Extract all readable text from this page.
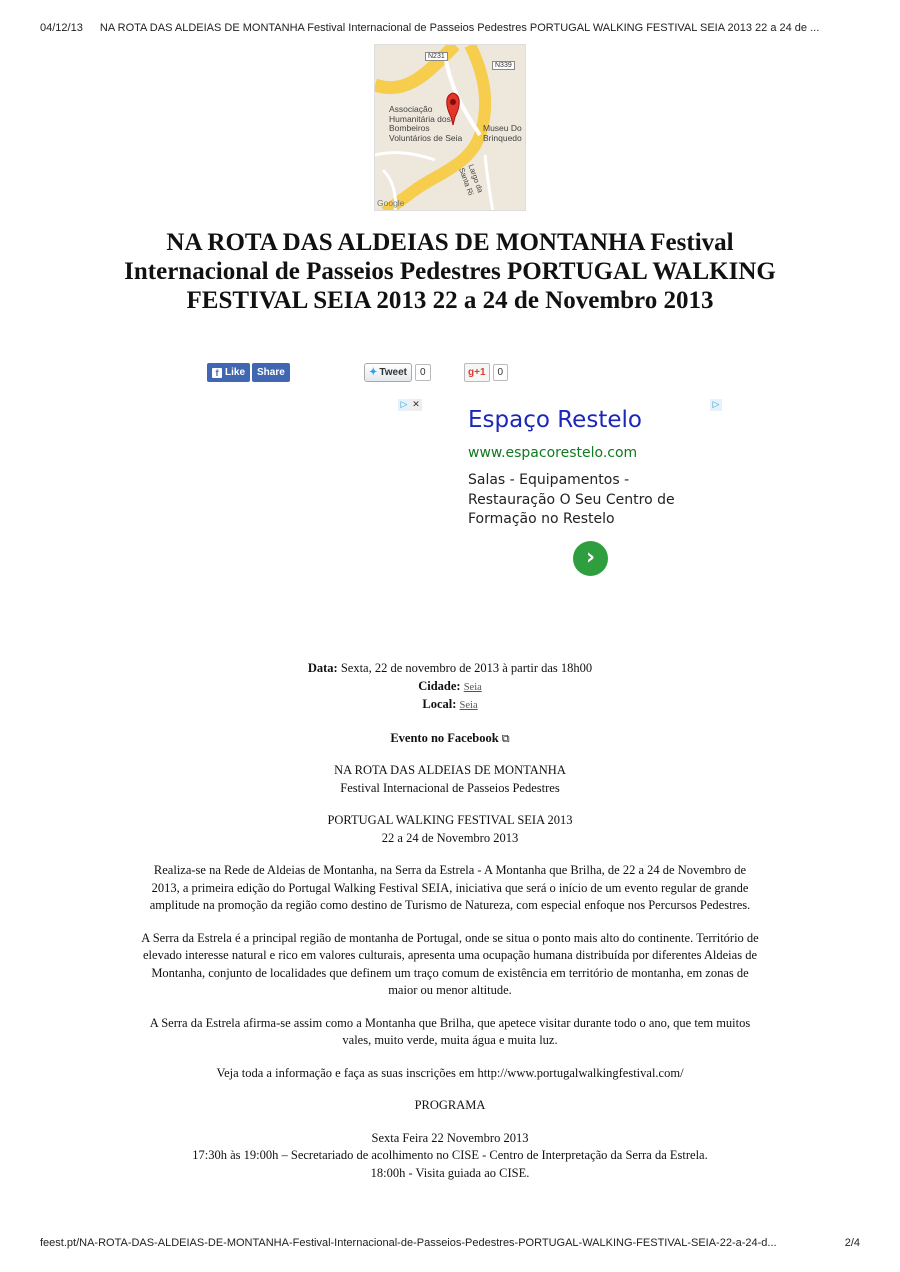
04/12/13 NA ROTA DAS ALDEIAS DE MONTANHA Festival Internacional de Passeios Pedestres PORTUGAL WALKING FESTIVAL SEIA 2013 22 a 24 de ...
N231
N339
Associação Humanitária dos Bombeiros Voluntários de Seia
Museu Do Brinquedo
Largo da Santa Ri
Google
NA ROTA DAS ALDEIAS DE MONTANHA Festival Internacional de Passeios Pedestres PORTUGAL WALKING FESTIVAL SEIA 2013 22 a 24 de Novembro 2013
f Like	Share	✦ Tweet	0	g+1	0
▷ ✕	▷
Espaço Restelo
www.espacorestelo.com
Salas - Equipamentos - Restauração O Seu Centro de Formação no Restelo
›

Data: Sexta, 22 de novembro de 2013 à partir das 18h00

Cidade: Seia

Local: Seia

Evento no Facebook ⧉

NA ROTA DAS ALDEIAS DE MONTANHA

Festival Internacional de Passeios Pedestres

PORTUGAL WALKING FESTIVAL SEIA 2013

22 a 24 de Novembro 2013

Realiza-se na Rede de Aldeias de Montanha, na Serra da Estrela - A Montanha que Brilha, de 22 a 24 de Novembro de 2013, a primeira edição do Portugal Walking Festival SEIA, iniciativa que será o início de um evento regular de grande amplitude na promoção da região como destino de Turismo de Natureza, com especial enfoque nos Percursos Pedestres.

A Serra da Estrela é a principal região de montanha de Portugal, onde se situa o ponto mais alto do continente. Território de elevado interesse natural e rico em valores culturais, apresenta uma ocupação humana distribuída por diferentes Aldeias de Montanha, conjunto de localidades que definem um traço comum de existência em território de montanha, em zonas de maior ou menor altitude.

A Serra da Estrela afirma-se assim como a Montanha que Brilha, que apetece visitar durante todo o ano, que tem muitos vales, muito verde, muita água e muita luz.

Veja toda a informação e faça as suas inscrições em http://www.portugalwalkingfestival.com/

PROGRAMA

Sexta Feira 22 Novembro 2013

17:30h às 19:00h – Secretariado de acolhimento no CISE - Centro de Interpretação da Serra da Estrela.

18:00h - Visita guiada ao CISE.

feest.pt/NA-ROTA-DAS-ALDEIAS-DE-MONTANHA-Festival-Internacional-de-Passeios-Pedestres-PORTUGAL-WALKING-FESTIVAL-SEIA-22-a-24-d...	2/4
